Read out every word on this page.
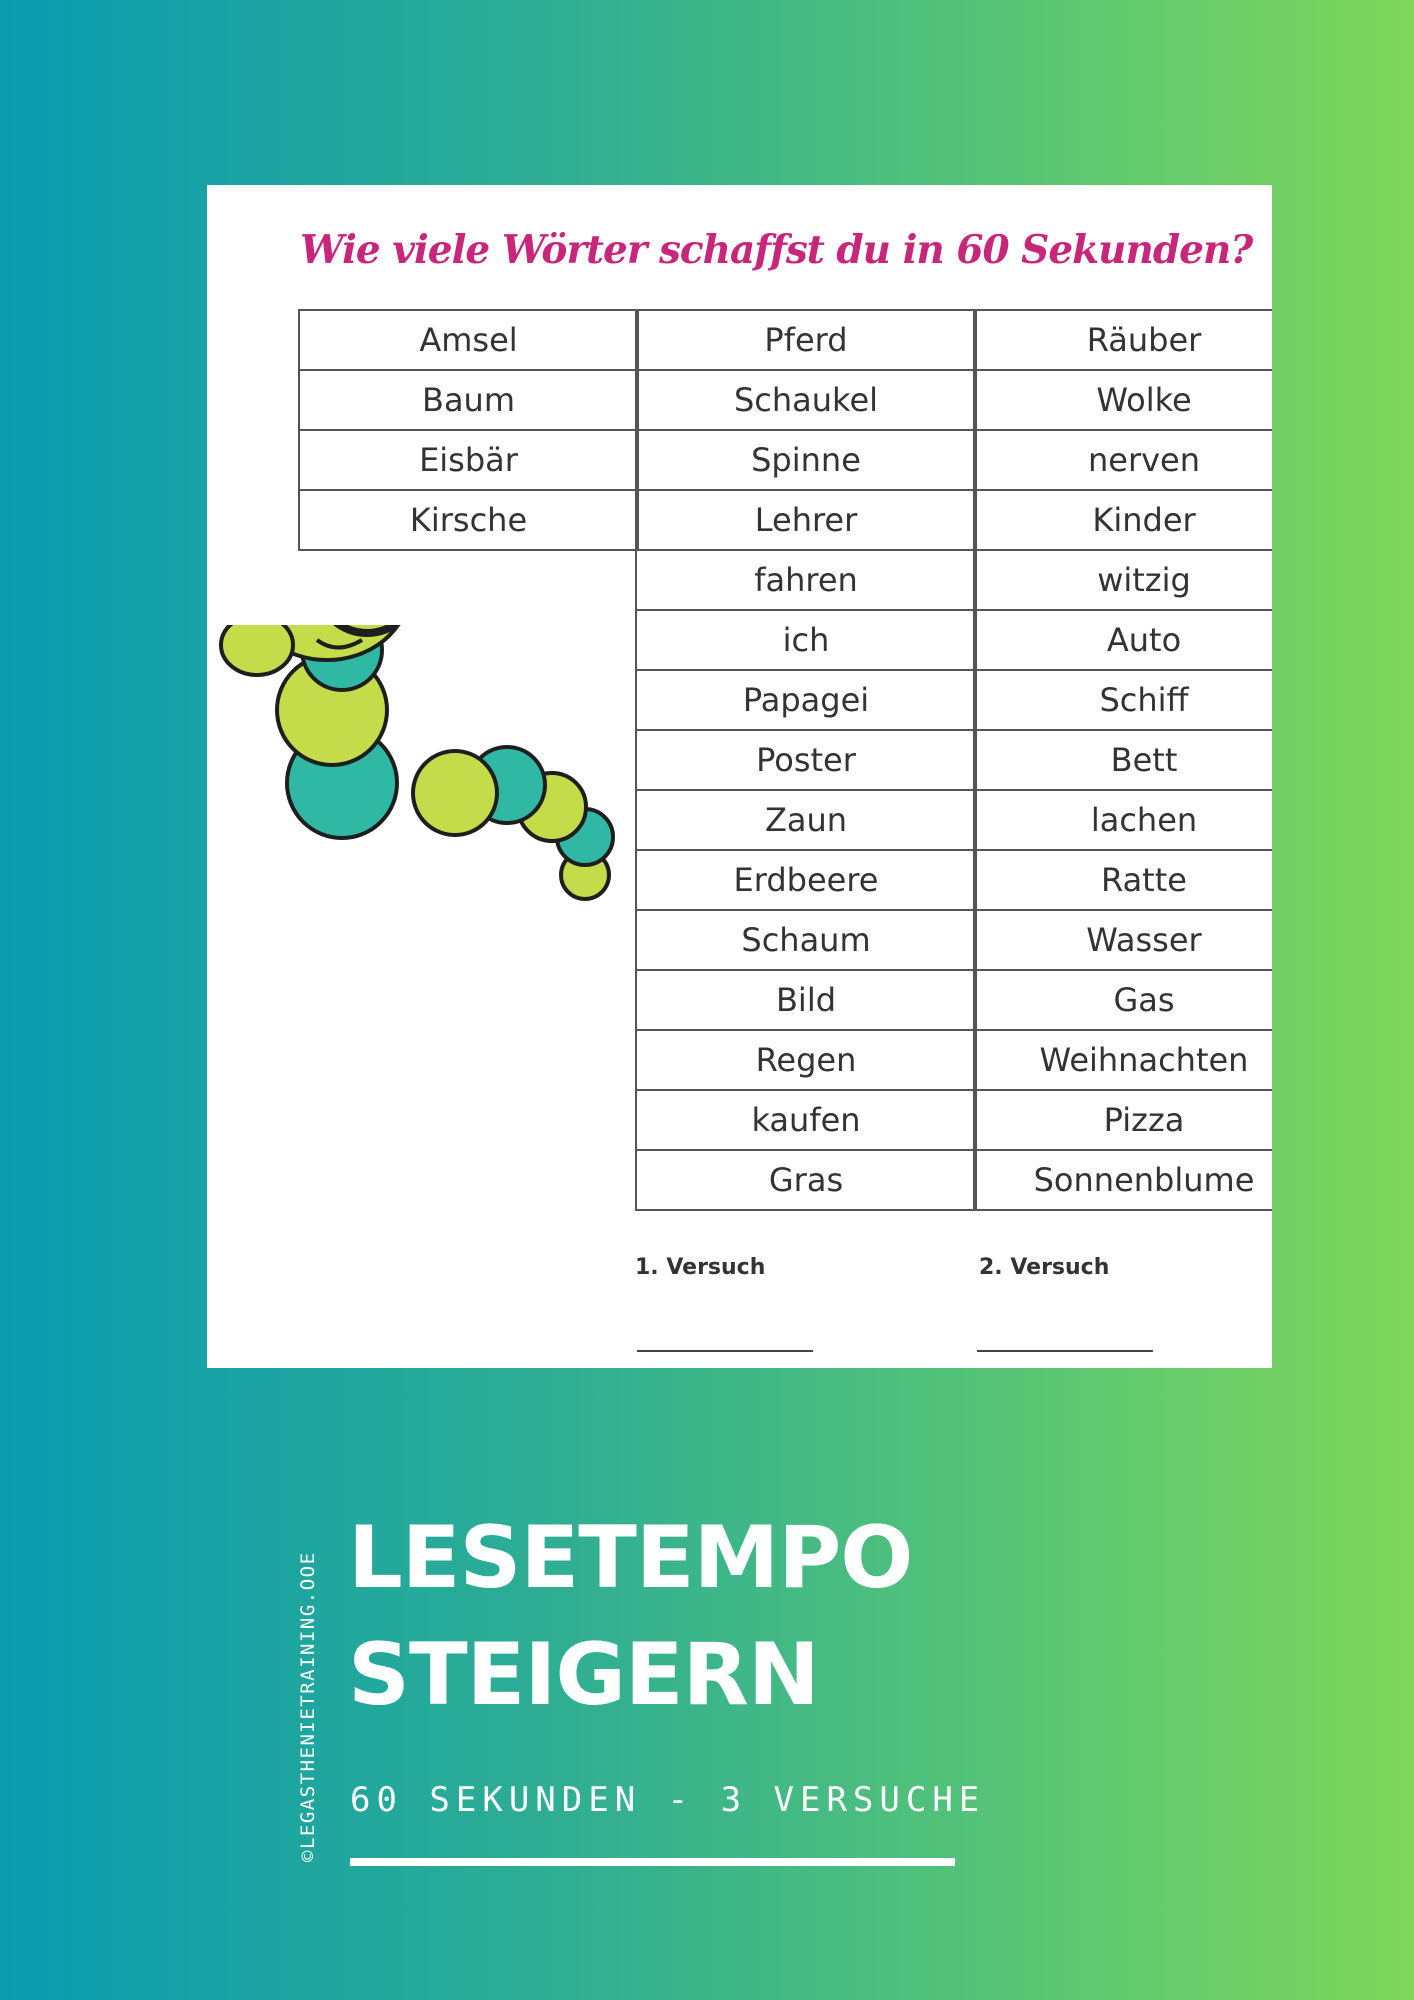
Wie viele Wörter schaffst du in 60 Sekunden?
Amsel
Baum
Eisbär
Kirsche
Pferd
Schaukel
Spinne
Lehrer
fahren
ich
Papagei
Poster
Zaun
Erdbeere
Schaum
Bild
Regen
kaufen
Gras
Räuber
Wolke
nerven
Kinder
witzig
Auto
Schiff
Bett
lachen
Ratte
Wasser
Gas
Weihnachten
Pizza
Sonnenblume
1. Versuch	2. Versuch
©LEGASTHENIETRAINING.OOE LESETEMPO
STEIGERN
60 SEKUNDEN - 3 VERSUCHE
